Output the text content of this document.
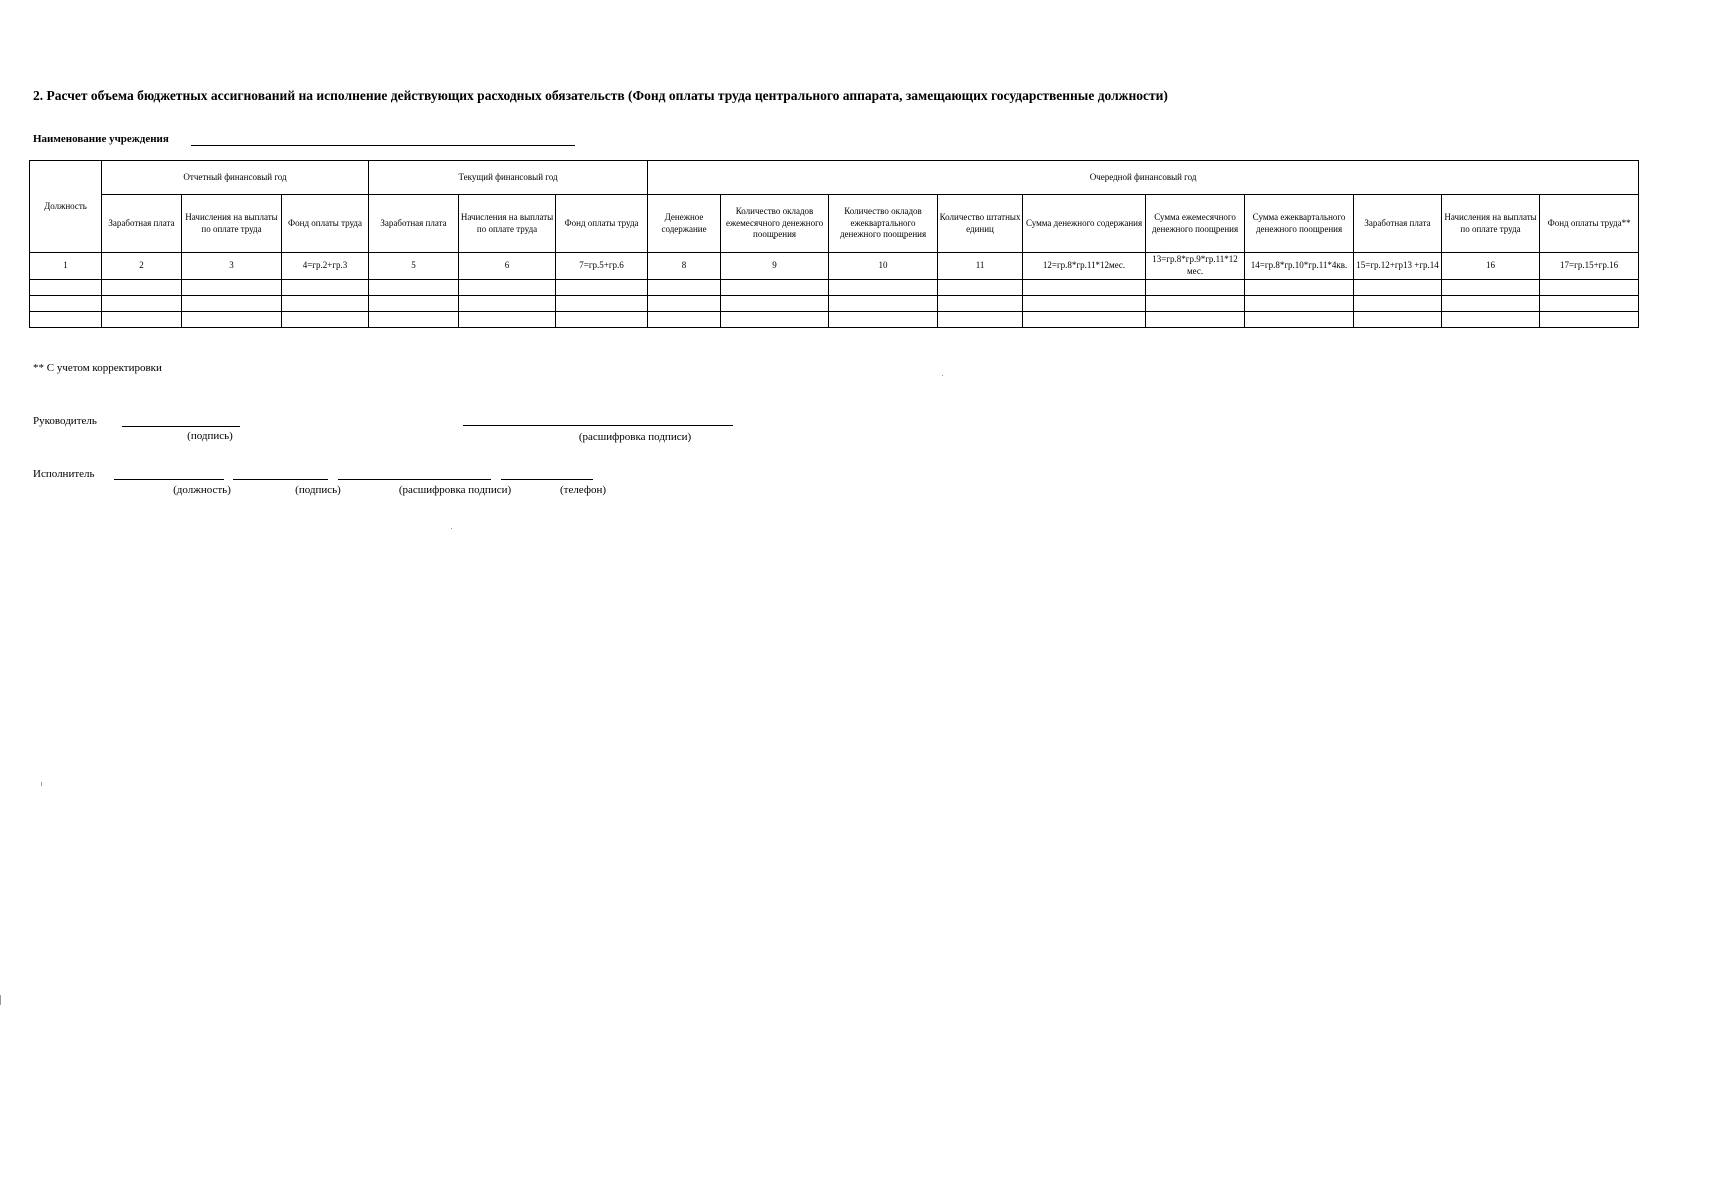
2. Расчет объема бюджетных ассигнований на исполнение действующих расходных обязательств (Фонд оплаты труда центрального аппарата, замещающих государственные должности)
Наименование учреждения
Должность	Отчетный финансовый год			Текущий финансовый год			Очередной финансовый год									
	Заработная плата	Начисления на выплаты по оплате труда	Фонд оплаты труда	Заработная плата	Начисления на выплаты по оплате труда	Фонд оплаты труда	Денежное содержание	Количество окладов ежемесячного денежного поощрения	Количество окладов ежеквартального денежного поощрения	Количество штатных единиц	Сумма денежного содержания	Сумма ежемесячного денежного поощрения	Сумма ежеквартального денежного поощрения	Заработная плата	Начисления на выплаты по оплате труда	Фонд оплаты труда**
1	2	3	4=гр.2+гр.3	5	6	7=гр.5+гр.6	8	9	10	11	12=гр.8*гр.11*12мес.	13=гр.8*гр.9*гр.11*12 мес.	14=гр.8*гр.10*гр.11*4кв.	15=гр.12+гр13 +гр.14	16	17=гр.15+гр.16

** С учетом корректировки
Руководитель
(подпись)	(расшифровка подписи)
Исполнитель
(должность)	(подпись)	(расшифровка подписи)	(телефон)
